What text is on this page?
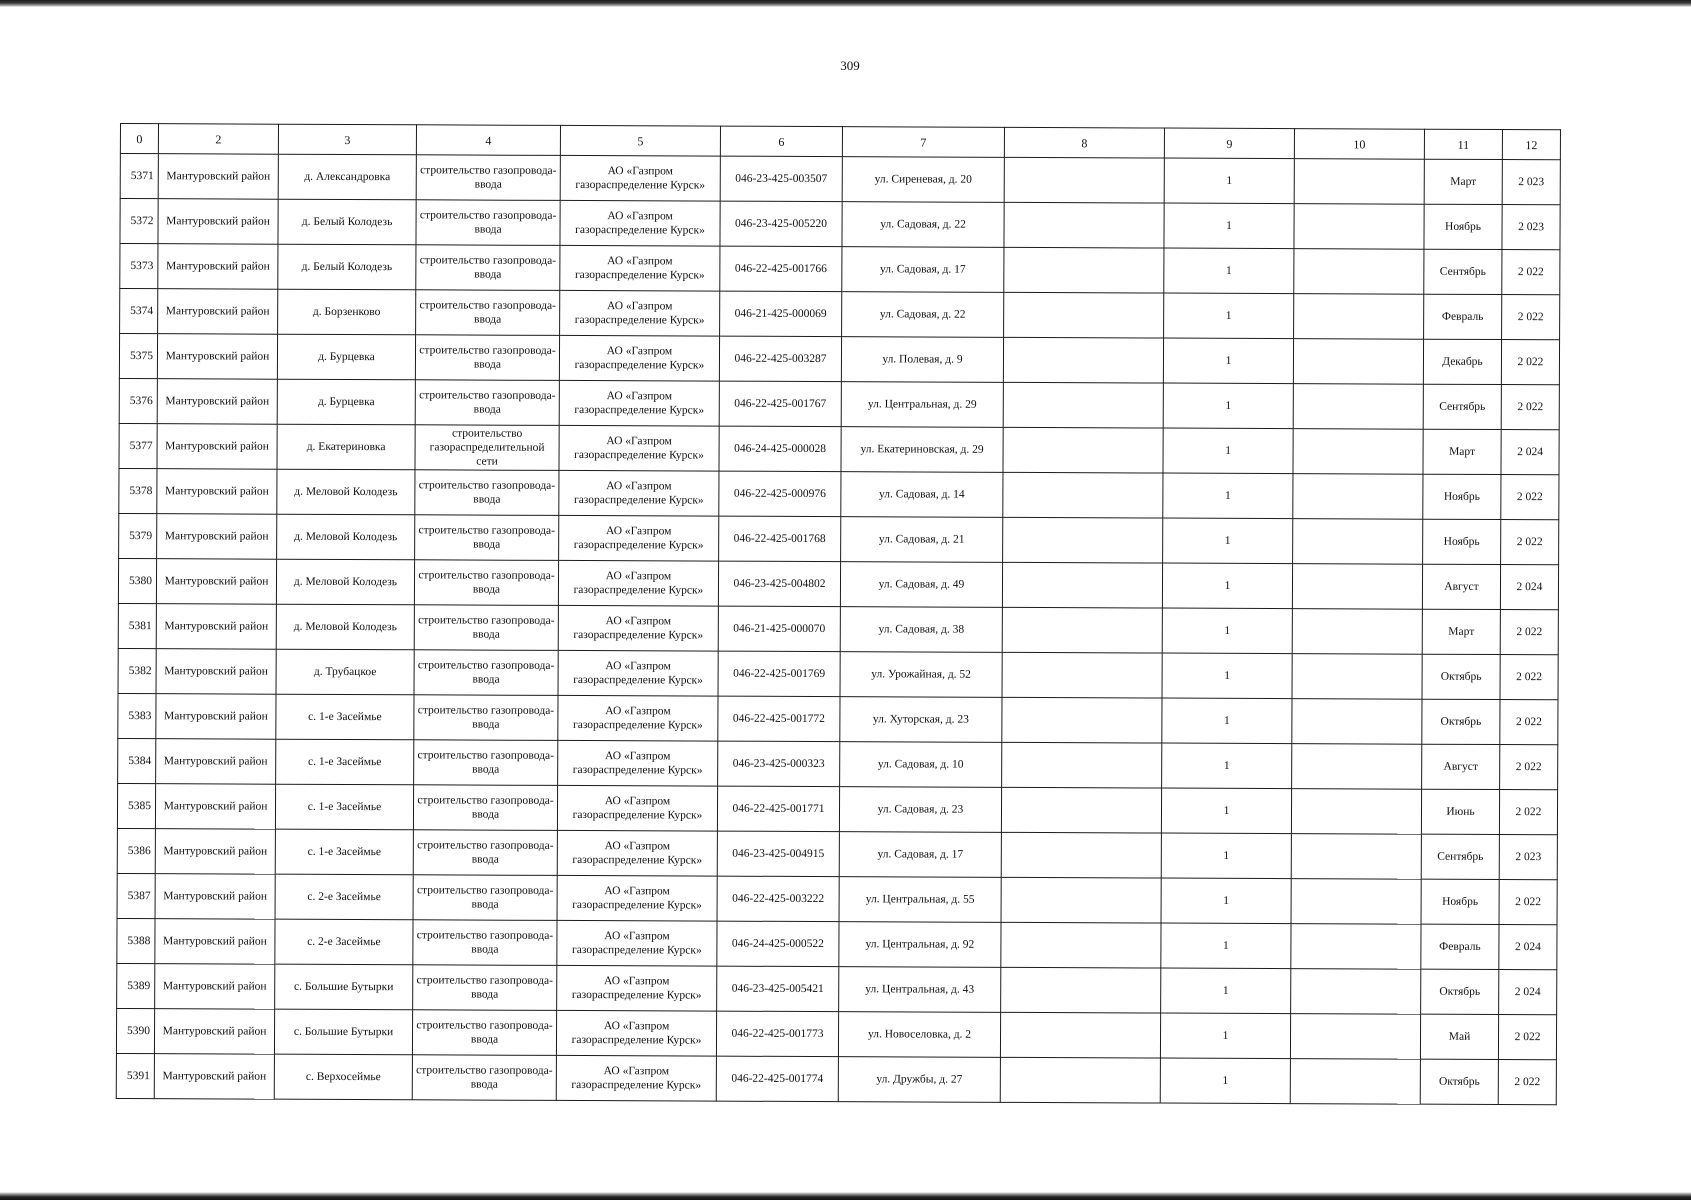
309
0	2	3	4	5	6	7	8	9	10	11	12
5371	Мантуровский район	д. Александровка	строительство газопровода-ввода	АО «Газпром газораспределение Курск»	046-23-425-003507	ул. Сиреневая, д. 20		1		Март	2 023
5372	Мантуровский район	д. Белый Колодезь	строительство газопровода-ввода	АО «Газпром газораспределение Курск»	046-23-425-005220	ул. Садовая, д. 22		1		Ноябрь	2 023
5373	Мантуровский район	д. Белый Колодезь	строительство газопровода-ввода	АО «Газпром газораспределение Курск»	046-22-425-001766	ул. Садовая, д. 17		1		Сентябрь	2 022
5374	Мантуровский район	д. Борзенково	строительство газопровода-ввода	АО «Газпром газораспределение Курск»	046-21-425-000069	ул. Садовая, д. 22		1		Февраль	2 022
5375	Мантуровский район	д. Бурцевка	строительство газопровода-ввода	АО «Газпром газораспределение Курск»	046-22-425-003287	ул. Полевая, д. 9		1		Декабрь	2 022
5376	Мантуровский район	д. Бурцевка	строительство газопровода-ввода	АО «Газпром газораспределение Курск»	046-22-425-001767	ул. Центральная, д. 29		1		Сентябрь	2 022
5377	Мантуровский район	д. Екатериновка	строительство газораспределительной сети	АО «Газпром газораспределение Курск»	046-24-425-000028	ул. Екатериновская, д. 29		1		Март	2 024
5378	Мантуровский район	д. Меловой Колодезь	строительство газопровода-ввода	АО «Газпром газораспределение Курск»	046-22-425-000976	ул. Садовая, д. 14		1		Ноябрь	2 022
5379	Мантуровский район	д. Меловой Колодезь	строительство газопровода-ввода	АО «Газпром газораспределение Курск»	046-22-425-001768	ул. Садовая, д. 21		1		Ноябрь	2 022
5380	Мантуровский район	д. Меловой Колодезь	строительство газопровода-ввода	АО «Газпром газораспределение Курск»	046-23-425-004802	ул. Садовая, д. 49		1		Август	2 024
5381	Мантуровский район	д. Меловой Колодезь	строительство газопровода-ввода	АО «Газпром газораспределение Курск»	046-21-425-000070	ул. Садовая, д. 38		1		Март	2 022
5382	Мантуровский район	д. Трубацкое	строительство газопровода-ввода	АО «Газпром газораспределение Курск»	046-22-425-001769	ул. Урожайная, д. 52		1		Октябрь	2 022
5383	Мантуровский район	с. 1-е Засеймье	строительство газопровода-ввода	АО «Газпром газораспределение Курск»	046-22-425-001772	ул. Хуторская, д. 23		1		Октябрь	2 022
5384	Мантуровский район	с. 1-е Засеймье	строительство газопровода-ввода	АО «Газпром газораспределение Курск»	046-23-425-000323	ул. Садовая, д. 10		1		Август	2 022
5385	Мантуровский район	с. 1-е Засеймье	строительство газопровода-ввода	АО «Газпром газораспределение Курск»	046-22-425-001771	ул. Садовая, д. 23		1		Июнь	2 022
5386	Мантуровский район	с. 1-е Засеймье	строительство газопровода-ввода	АО «Газпром газораспределение Курск»	046-23-425-004915	ул. Садовая, д. 17		1		Сентябрь	2 023
5387	Мантуровский район	с. 2-е Засеймье	строительство газопровода-ввода	АО «Газпром газораспределение Курск»	046-22-425-003222	ул. Центральная, д. 55		1		Ноябрь	2 022
5388	Мантуровский район	с. 2-е Засеймье	строительство газопровода-ввода	АО «Газпром газораспределение Курск»	046-24-425-000522	ул. Центральная, д. 92		1		Февраль	2 024
5389	Мантуровский район	с. Большие Бутырки	строительство газопровода-ввода	АО «Газпром газораспределение Курск»	046-23-425-005421	ул. Центральная, д. 43		1		Октябрь	2 024
5390	Мантуровский район	с. Большие Бутырки	строительство газопровода-ввода	АО «Газпром газораспределение Курск»	046-22-425-001773	ул. Новоселовка, д. 2		1		Май	2 022
5391	Мантуровский район	с. Верхосеймье	строительство газопровода-ввода	АО «Газпром газораспределение Курск»	046-22-425-001774	ул. Дружбы, д. 27		1		Октябрь	2 022
